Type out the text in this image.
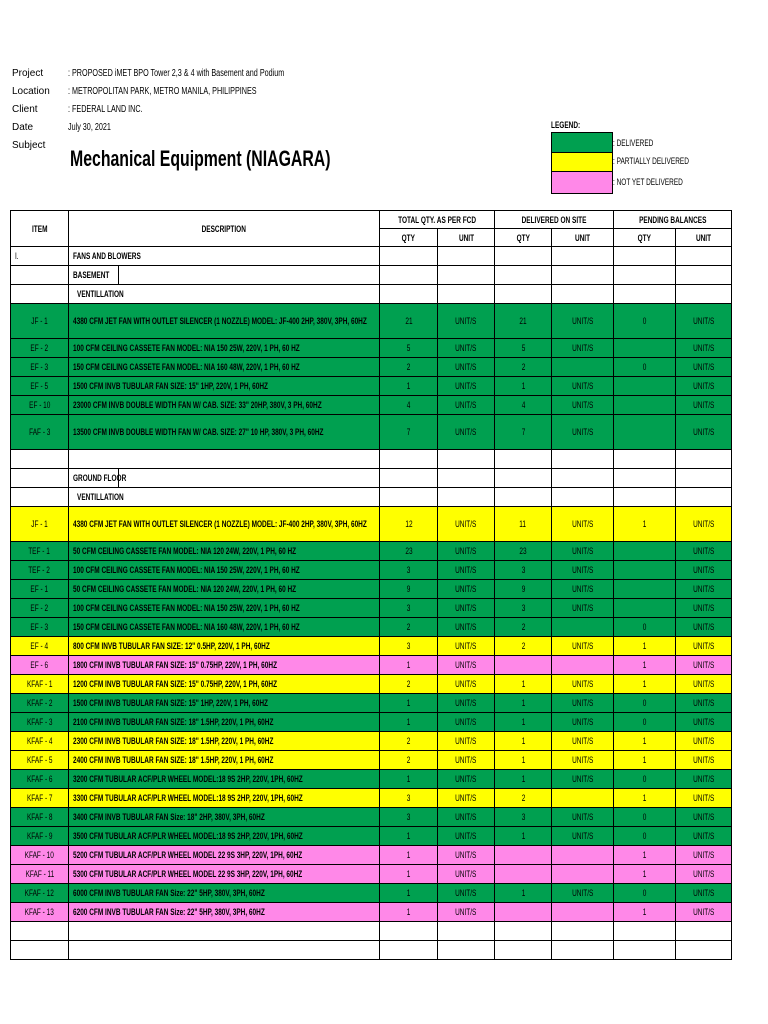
Project : PROPOSED iMET BPO Tower 2,3 & 4 with Basement and Podium
Location : METROPOLITAN PARK, METRO MANILA, PHILIPPINES
Client	: FEDERAL LAND INC.
Date	July 30, 2021
Subject
Mechanical Equipment (NIAGARA)
LEGEND:
: DELIVERED
: PARTIALLY DELIVERED
: NOT YET DELIVERED
ITEM	DESCRIPTION		TOTAL QTY. AS PER FCD		DELIVERED ON SITE		PENDING BALANCES	
			QTY	UNIT	QTY	UNIT	QTY	UNIT
I.	FANS AND BLOWERS							
	BASEMENT							
	VENTILLATION							
JF - 1	4380 CFM JET FAN WITH OUTLET SILENCER (1 NOZZLE) MODEL: JF-400 2HP, 380V, 3PH, 60HZ		21	UNIT/S	21	UNIT/S	0	UNIT/S
EF - 2	100 CFM CEILING CASSETE FAN MODEL: NIA 150 25W, 220V, 1 PH, 60 HZ		5	UNIT/S	5	UNIT/S		UNIT/S
EF - 3	150 CFM CEILING CASSETE FAN MODEL: NIA 160 48W, 220V, 1 PH, 60 HZ		2	UNIT/S	2		0	UNIT/S
EF - 5	1500 CFM INVB TUBULAR FAN SIZE: 15" 1HP, 220V, 1 PH, 60HZ		1	UNIT/S	1	UNIT/S		UNIT/S
EF - 10	23000 CFM INVB DOUBLE WIDTH FAN W/ CAB. SIZE: 33" 20HP, 380V, 3 PH, 60HZ		4	UNIT/S	4	UNIT/S		UNIT/S
FAF - 3	13500 CFM INVB DOUBLE WIDTH FAN W/ CAB. SIZE: 27" 10 HP, 380V, 3 PH, 60HZ		7	UNIT/S	7	UNIT/S		UNIT/S

	GROUND FLOOR							
	VENTILLATION							
JF - 1	4380 CFM JET FAN WITH OUTLET SILENCER (1 NOZZLE) MODEL: JF-400 2HP, 380V, 3PH, 60HZ		12	UNIT/S	11	UNIT/S	1	UNIT/S
TEF - 1	50 CFM CEILING CASSETE FAN MODEL: NIA 120 24W, 220V, 1 PH, 60 HZ		23	UNIT/S	23	UNIT/S		UNIT/S
TEF - 2	100 CFM CEILING CASSETE FAN MODEL: NIA 150 25W, 220V, 1 PH, 60 HZ		3	UNIT/S	3	UNIT/S		UNIT/S
EF - 1	50 CFM CEILING CASSETE FAN MODEL: NIA 120 24W, 220V, 1 PH, 60 HZ		9	UNIT/S	9	UNIT/S		UNIT/S
EF - 2	100 CFM CEILING CASSETE FAN MODEL: NIA 150 25W, 220V, 1 PH, 60 HZ		3	UNIT/S	3	UNIT/S		UNIT/S
EF - 3	150 CFM CEILING CASSETE FAN MODEL: NIA 160 48W, 220V, 1 PH, 60 HZ		2	UNIT/S	2		0	UNIT/S
EF - 4	800 CFM INVB TUBULAR FAN SIZE: 12" 0.5HP, 220V, 1 PH, 60HZ		3	UNIT/S	2	UNIT/S	1	UNIT/S
EF - 6	1800 CFM INVB TUBULAR FAN SIZE: 15" 0.75HP, 220V, 1 PH, 60HZ		1	UNIT/S			1	UNIT/S
KFAF - 1	1200 CFM INVB TUBULAR FAN SIZE: 15" 0.75HP, 220V, 1 PH, 60HZ		2	UNIT/S	1	UNIT/S	1	UNIT/S
KFAF - 2	1500 CFM INVB TUBULAR FAN SIZE: 15" 1HP, 220V, 1 PH, 60HZ		1	UNIT/S	1	UNIT/S	0	UNIT/S
KFAF - 3	2100 CFM INVB TUBULAR FAN SIZE: 18" 1.5HP, 220V, 1 PH, 60HZ		1	UNIT/S	1	UNIT/S	0	UNIT/S
KFAF - 4	2300 CFM INVB TUBULAR FAN SIZE: 18" 1.5HP, 220V, 1 PH, 60HZ		2	UNIT/S	1	UNIT/S	1	UNIT/S
KFAF - 5	2400 CFM INVB TUBULAR FAN SIZE: 18" 1.5HP, 220V, 1 PH, 60HZ		2	UNIT/S	1	UNIT/S	1	UNIT/S
KFAF - 6	3200 CFM TUBULAR ACF/PLR WHEEL MODEL:18 9S 2HP, 220V, 1PH, 60HZ		1	UNIT/S	1	UNIT/S	0	UNIT/S
KFAF - 7	3300 CFM TUBULAR ACF/PLR WHEEL MODEL:18 9S 2HP, 220V, 1PH, 60HZ		3	UNIT/S	2		1	UNIT/S
KFAF - 8	3400 CFM INVB TUBULAR FAN Size: 18" 2HP, 380V, 3PH, 60HZ		3	UNIT/S	3	UNIT/S	0	UNIT/S
KFAF - 9	3500 CFM TUBULAR ACF/PLR WHEEL MODEL:18 9S 2HP, 220V, 1PH, 60HZ		1	UNIT/S	1	UNIT/S	0	UNIT/S
KFAF - 10	5200 CFM TUBULAR ACF/PLR WHEEL MODEL 22 9S 3HP, 220V, 1PH, 60HZ		1	UNIT/S			1	UNIT/S
KFAF - 11	5300 CFM TUBULAR ACF/PLR WHEEL MODEL 22 9S 3HP, 220V, 1PH, 60HZ		1	UNIT/S			1	UNIT/S
KFAF - 12	6000 CFM INVB TUBULAR FAN Size: 22" 5HP, 380V, 3PH, 60HZ		1	UNIT/S	1	UNIT/S	0	UNIT/S
KFAF - 13	6200 CFM INVB TUBULAR FAN Size: 22" 5HP, 380V, 3PH, 60HZ		1	UNIT/S			1	UNIT/S
